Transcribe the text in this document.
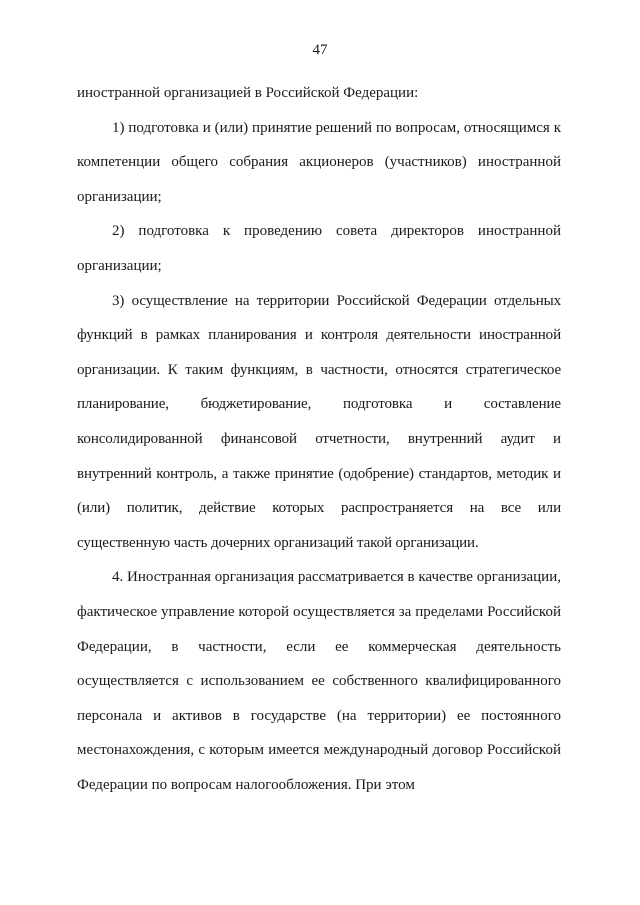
47

иностранной организацией в Российской Федерации:

1) подготовка и (или) принятие решений по вопросам, относящимся к компетенции общего собрания акционеров (участников) иностранной организации;

2) подготовка к проведению совета директоров иностранной организации;

3) осуществление на территории Российской Федерации отдельных функций в рамках планирования и контроля деятельности иностранной организации. К таким функциям, в частности, относятся стратегическое планирование, бюджетирование, подготовка и составление консолидированной финансовой отчетности, внутренний аудит и внутренний контроль, а также принятие (одобрение) стандартов, методик и (или) политик, действие которых распространяется на все или существенную часть дочерних организаций такой организации.

4. Иностранная организация рассматривается в качестве организации, фактическое управление которой осуществляется за пределами Российской Федерации, в частности, если ее коммерческая деятельность осуществляется с использованием ее собственного квалифицированного персонала и активов в государстве (на территории) ее постоянного местонахождения, с которым имеется международный договор Российской Федерации по вопросам налогообложения. При этом
